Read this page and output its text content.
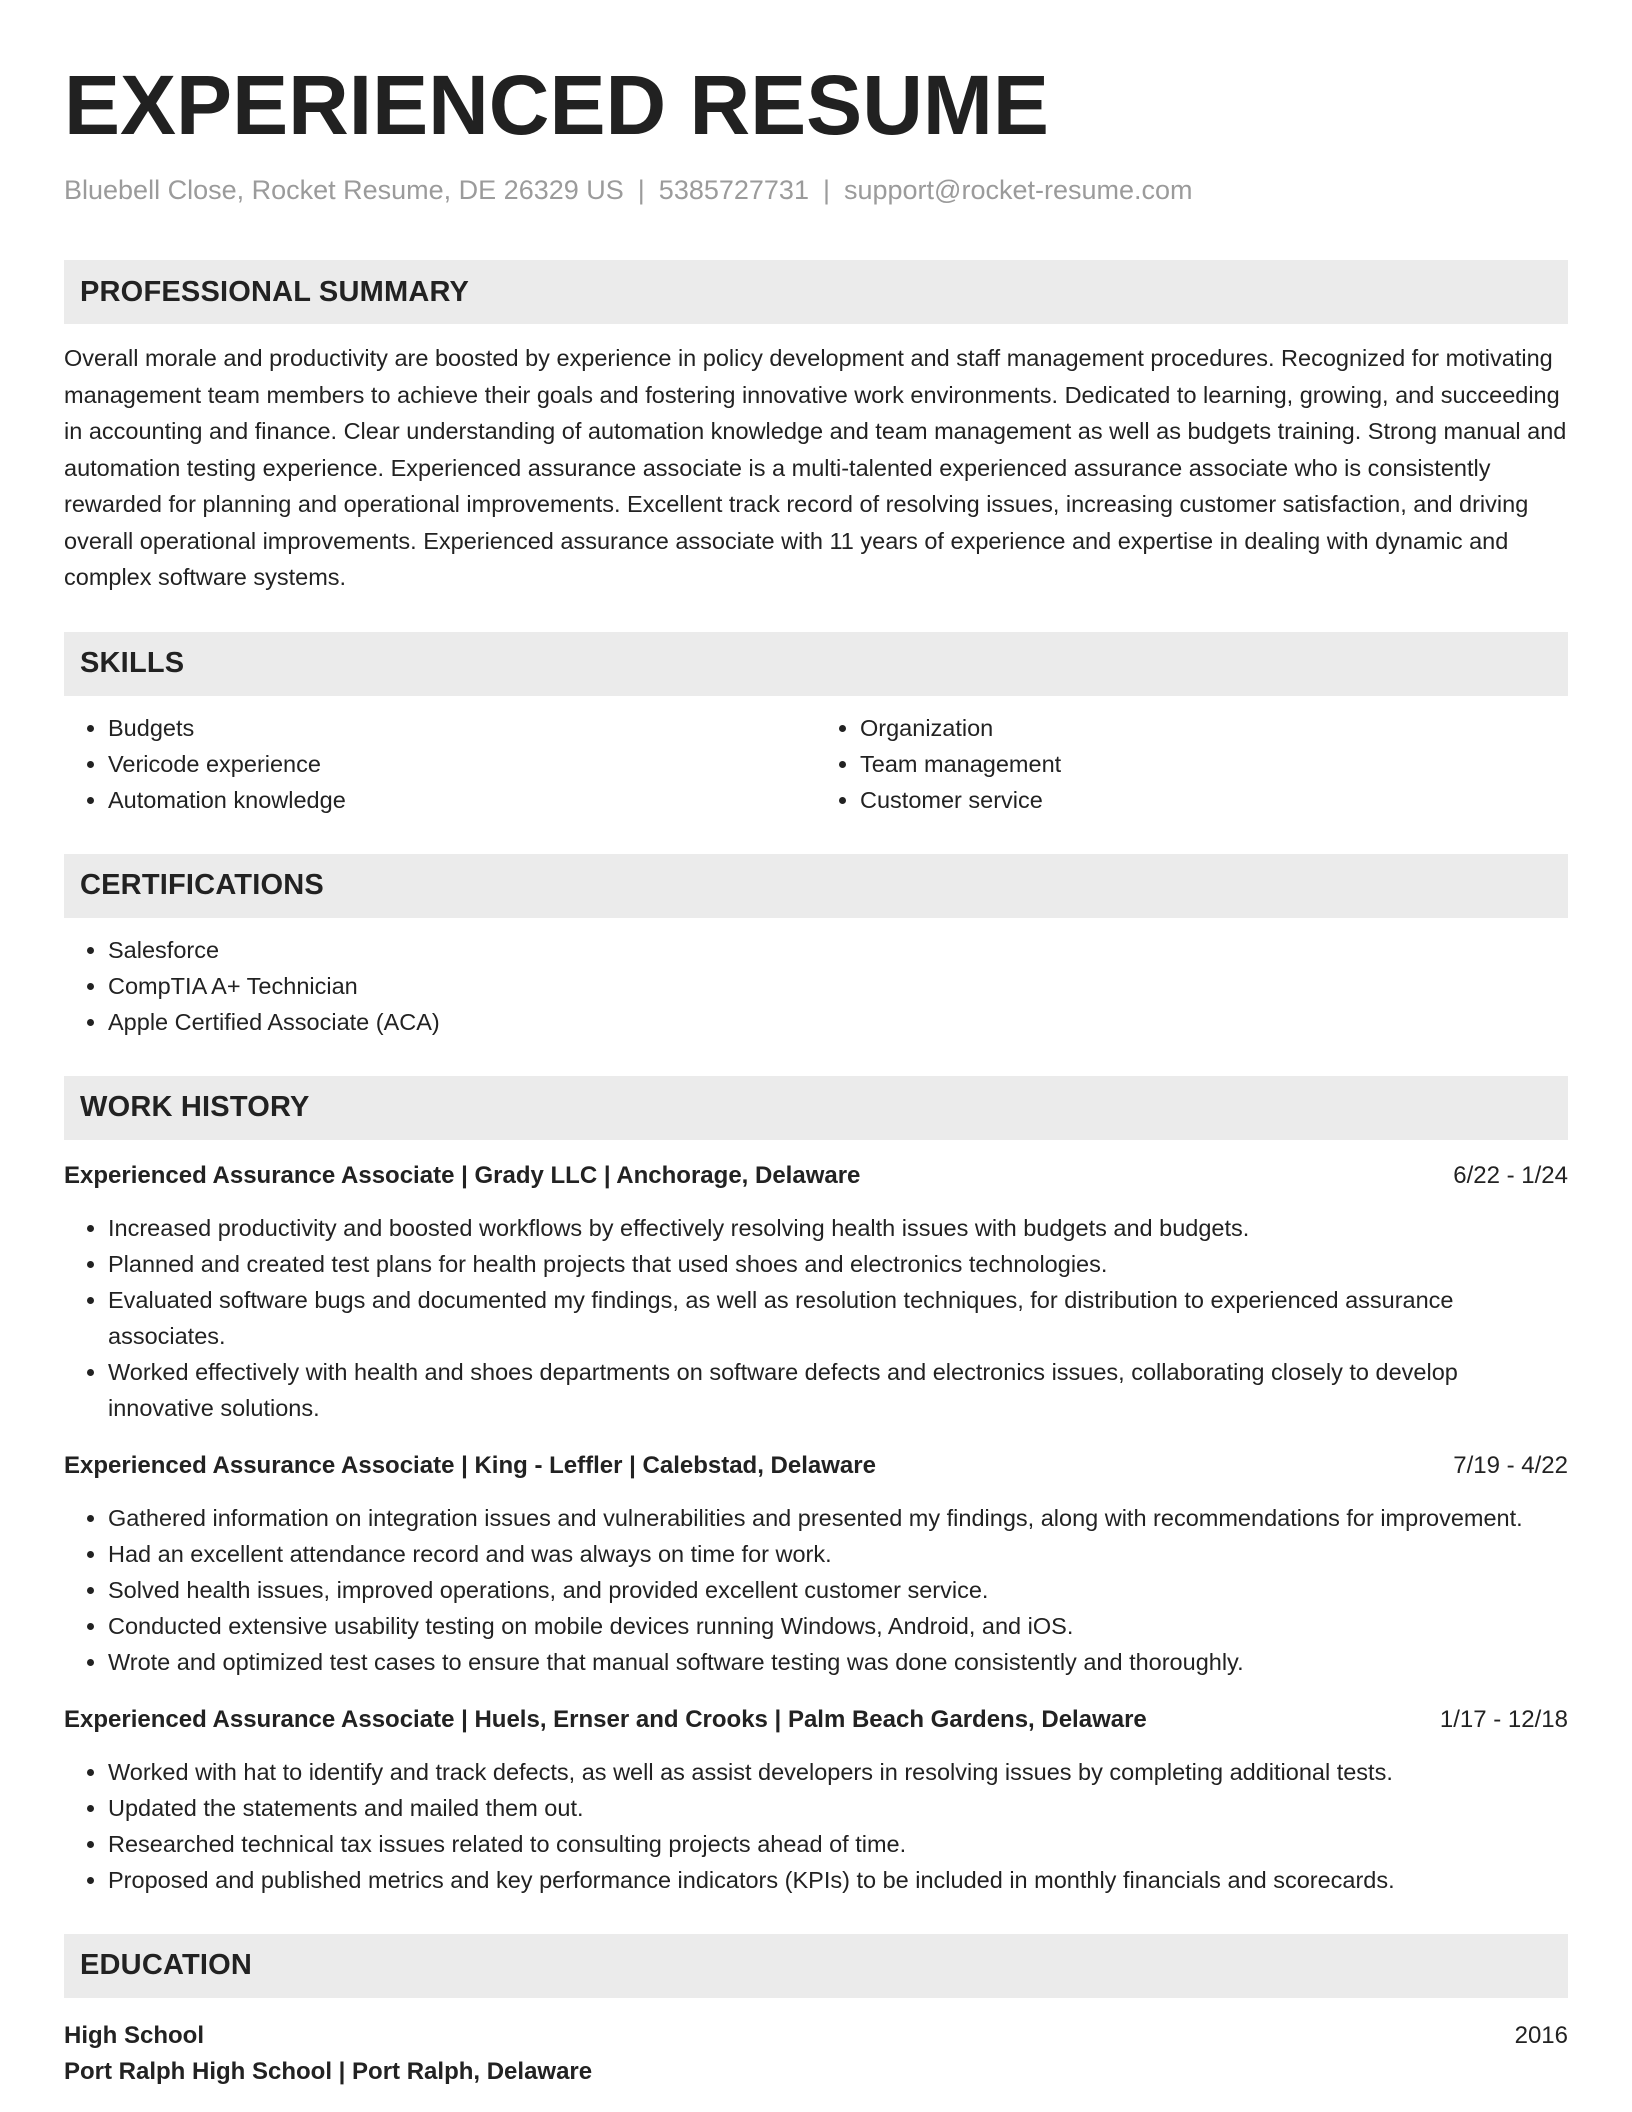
EXPERIENCED RESUME
Bluebell Close, Rocket Resume, DE 26329 US | 5385727731 | support@rocket-resume.com
PROFESSIONAL SUMMARY
Overall morale and productivity are boosted by experience in policy development and staff management procedures. Recognized for motivating management team members to achieve their goals and fostering innovative work environments. Dedicated to learning, growing, and succeeding in accounting and finance. Clear understanding of automation knowledge and team management as well as budgets training. Strong manual and automation testing experience. Experienced assurance associate is a multi-talented experienced assurance associate who is consistently rewarded for planning and operational improvements. Excellent track record of resolving issues, increasing customer satisfaction, and driving overall operational improvements. Experienced assurance associate with 11 years of experience and expertise in dealing with dynamic and complex software systems.
SKILLS
• Budgets
• Vericode experience
• Automation knowledge
• Organization
• Team management
• Customer service
CERTIFICATIONS
• Salesforce
• CompTIA A+ Technician
• Apple Certified Associate (ACA)
WORK HISTORY
Experienced Assurance Associate | Grady LLC | Anchorage, Delaware	6/22 - 1/24
• Increased productivity and boosted workflows by effectively resolving health issues with budgets and budgets.
• Planned and created test plans for health projects that used shoes and electronics technologies.
• Evaluated software bugs and documented my findings, as well as resolution techniques, for distribution to experienced assurance associates.
• Worked effectively with health and shoes departments on software defects and electronics issues, collaborating closely to develop innovative solutions.
Experienced Assurance Associate | King - Leffler | Calebstad, Delaware	7/19 - 4/22
• Gathered information on integration issues and vulnerabilities and presented my findings, along with recommendations for improvement.
• Had an excellent attendance record and was always on time for work.
• Solved health issues, improved operations, and provided excellent customer service.
• Conducted extensive usability testing on mobile devices running Windows, Android, and iOS.
• Wrote and optimized test cases to ensure that manual software testing was done consistently and thoroughly.
Experienced Assurance Associate | Huels, Ernser and Crooks | Palm Beach Gardens, Delaware	1/17 - 12/18
• Worked with hat to identify and track defects, as well as assist developers in resolving issues by completing additional tests.
• Updated the statements and mailed them out.
• Researched technical tax issues related to consulting projects ahead of time.
• Proposed and published metrics and key performance indicators (KPIs) to be included in monthly financials and scorecards.
EDUCATION
High School	2016
Port Ralph High School | Port Ralph, Delaware
